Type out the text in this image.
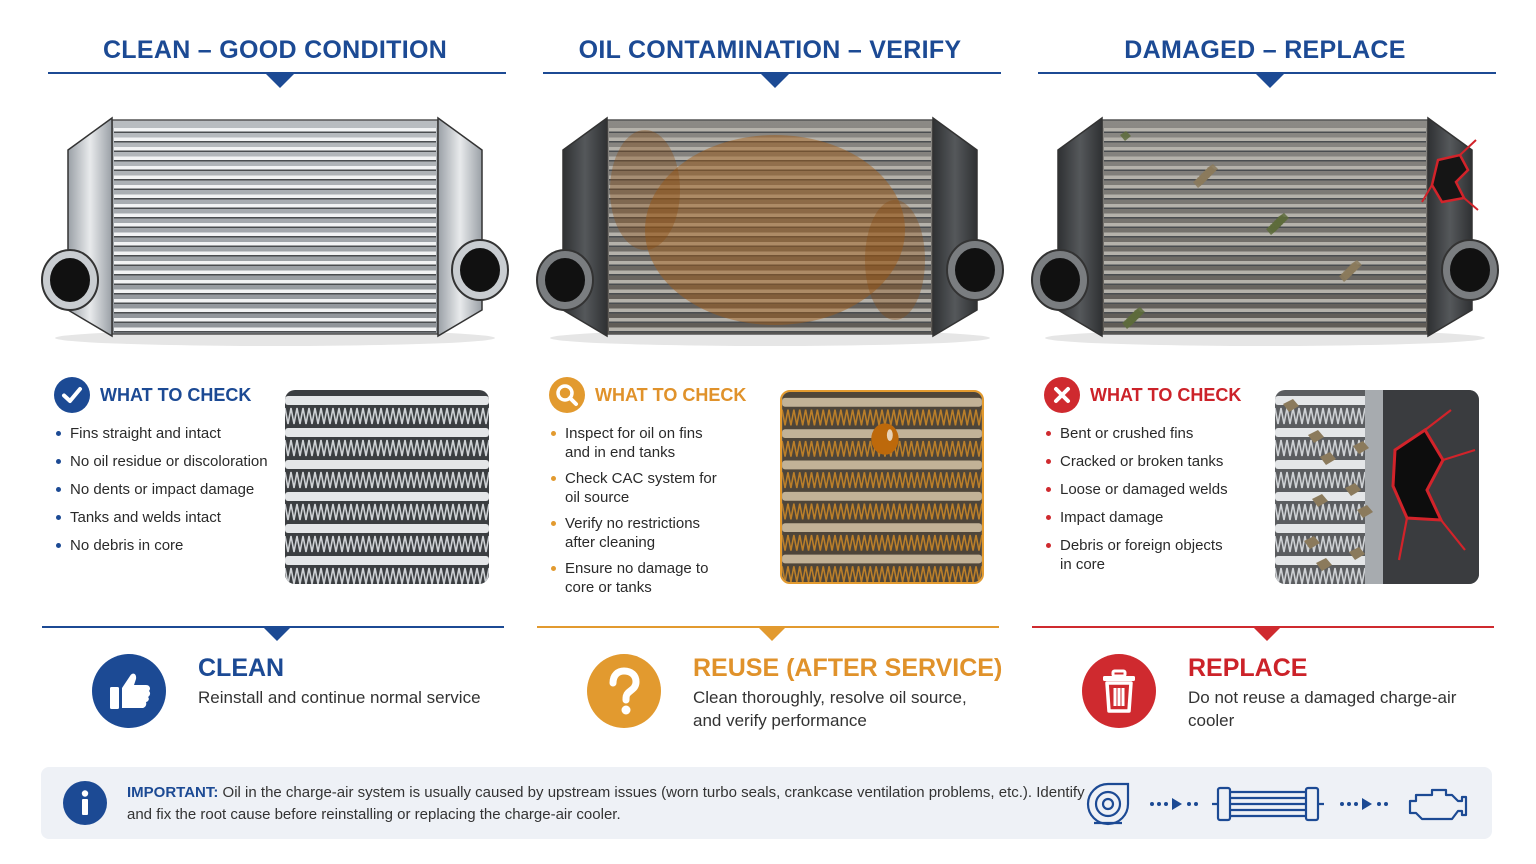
CLEAN – GOOD CONDITION
WHAT TO CHECK
Fins straight and intact
No oil residue or discoloration
No dents or impact damage
Tanks and welds intact
No debris in core
CLEAN
Reinstall and continue normal service
OIL CONTAMINATION – VERIFY
WHAT TO CHECK
Inspect for oil on fins and in end tanks
Check CAC system for oil source
Verify no restrictions after cleaning
Ensure no damage to core or tanks
REUSE (AFTER SERVICE)
Clean thoroughly, resolve oil source, and verify performance
DAMAGED – REPLACE
WHAT TO CHECK
Bent or crushed fins
Cracked or broken tanks
Loose or damaged welds
Impact damage
Debris or foreign objects in core
REPLACE
Do not reuse a damaged charge-air cooler
IMPORTANT: Oil in the charge-air system is usually caused by upstream issues (worn turbo seals, crankcase ventilation problems, etc.). Identify and fix the root cause before reinstalling or replacing the charge-air cooler.
